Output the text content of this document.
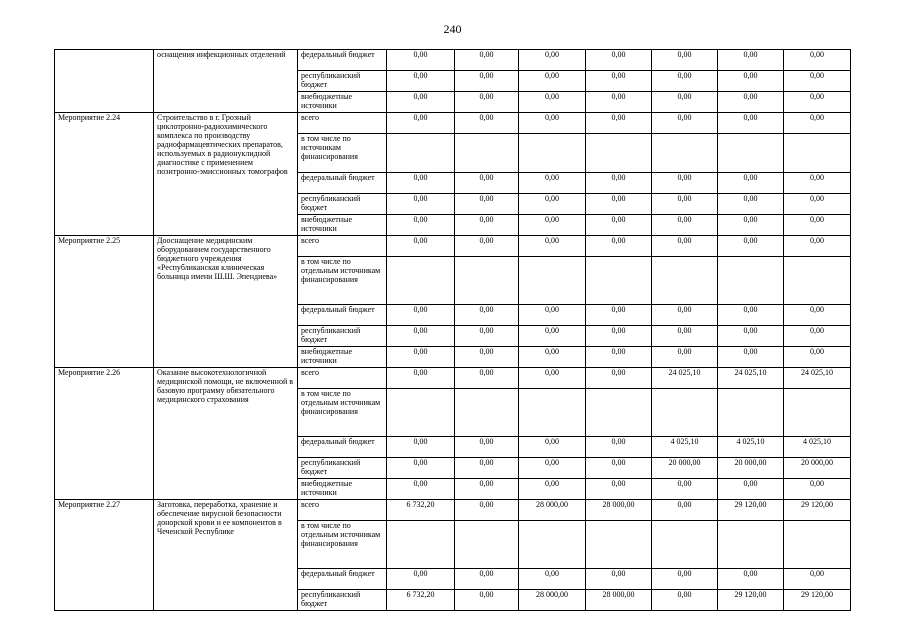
240
	оснащения инфекционных отделений	федеральный бюджет	0,00	0,00	0,00	0,00	0,00	0,00	0,00
		республиканский бюджет	0,00	0,00	0,00	0,00	0,00	0,00	0,00
		внебюджетные источники	0,00	0,00	0,00	0,00	0,00	0,00	0,00
Мероприятие 2.24	Строительство в г. Грозный циклотронно-радиохимического комплекса по производству радиофармацевтических препаратов, используемых в радионуклидной диагностике с применением позитронно-эмиссионных томографов	всего	0,00	0,00	0,00	0,00	0,00	0,00	0,00
		в том числе по источникам финансирования							
		федеральный бюджет	0,00	0,00	0,00	0,00	0,00	0,00	0,00
		республиканский бюджет	0,00	0,00	0,00	0,00	0,00	0,00	0,00
		внебюджетные источники	0,00	0,00	0,00	0,00	0,00	0,00	0,00
Мероприятие 2.25	Дооснащение медицинским оборудованием государственного бюджетного учреждения «Республиканская клиническая больница имени Ш.Ш. Эпендиева»	всего	0,00	0,00	0,00	0,00	0,00	0,00	0,00
		в том числе по отдельным источникам финансирования							
		федеральный бюджет	0,00	0,00	0,00	0,00	0,00	0,00	0,00
		республиканский бюджет	0,00	0,00	0,00	0,00	0,00	0,00	0,00
		внебюджетные источники	0,00	0,00	0,00	0,00	0,00	0,00	0,00
Мероприятие 2.26	Оказание высокотехнологичной медицинской помощи, не включенной в базовую программу обязательного медицинского страхования	всего	0,00	0,00	0,00	0,00	24 025,10	24 025,10	24 025,10
		в том числе по отдельным источникам финансирования							
		федеральный бюджет	0,00	0,00	0,00	0,00	4 025,10	4 025,10	4 025,10
		республиканский бюджет	0,00	0,00	0,00	0,00	20 000,00	20 000,00	20 000,00
		внебюджетные источники	0,00	0,00	0,00	0,00	0,00	0,00	0,00
Мероприятие 2.27	Заготовка, переработка, хранение и обеспечение вирусной безопасности донорской крови и ее компонентов в Чеченской Республике	всего	6 732,20	0,00	28 000,00	28 000,00	0,00	29 120,00	29 120,00
		в том числе по отдельным источникам финансирования							
		федеральный бюджет	0,00	0,00	0,00	0,00	0,00	0,00	0,00
		республиканский бюджет	6 732,20	0,00	28 000,00	28 000,00	0,00	29 120,00	29 120,00
